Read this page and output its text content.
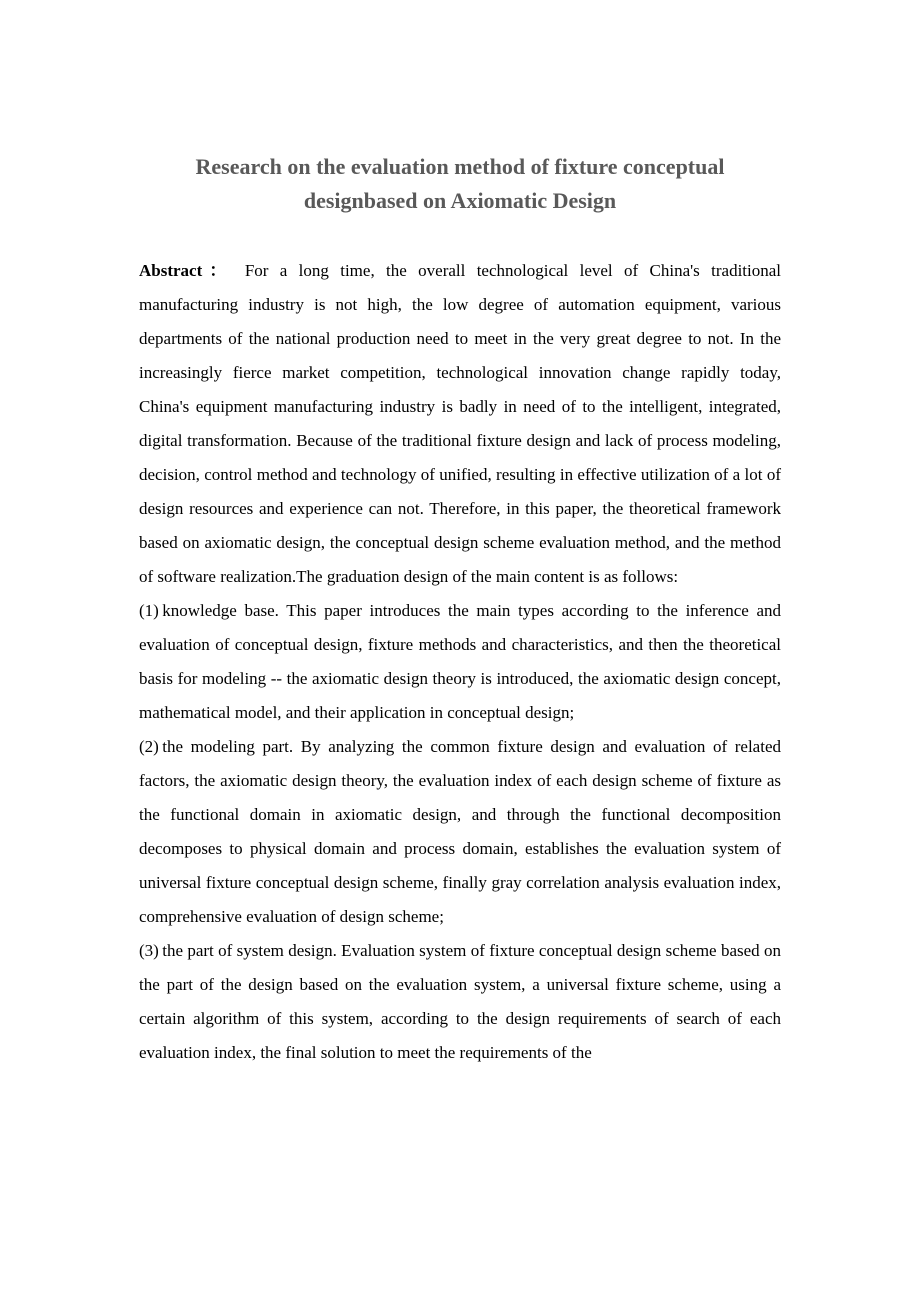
Research on the evaluation method of fixture conceptual
designbased on Axiomatic Design

Abstract： For a long time, the overall technological level of China's traditional manufacturing industry is not high, the low degree of automation equipment, various departments of the national production need to meet in the very great degree to not. In the increasingly fierce market competition, technological innovation change rapidly today, China's equipment manufacturing industry is badly in need of to the intelligent, integrated, digital transformation. Because of the traditional fixture design and lack of process modeling, decision, control method and technology of unified, resulting in effective utilization of a lot of design resources and experience can not. Therefore, in this paper, the theoretical framework based on axiomatic design, the conceptual design scheme evaluation method, and the method of software realization.The graduation design of the main content is as follows:

(1) knowledge base. This paper introduces the main types according to the inference and evaluation of conceptual design, fixture methods and characteristics, and then the theoretical basis for modeling -- the axiomatic design theory is introduced, the axiomatic design concept, mathematical model, and their application in conceptual design;

(2) the modeling part. By analyzing the common fixture design and evaluation of related factors, the axiomatic design theory, the evaluation index of each design scheme of fixture as the functional domain in axiomatic design, and through the functional decomposition decomposes to physical domain and process domain, establishes the evaluation system of universal fixture conceptual design scheme, finally gray correlation analysis evaluation index, comprehensive evaluation of design scheme;

(3) the part of system design. Evaluation system of fixture conceptual design scheme based on the part of the design based on the evaluation system, a universal fixture scheme, using a certain algorithm of this system, according to the design requirements of search of each evaluation index, the final solution to meet the requirements of the
